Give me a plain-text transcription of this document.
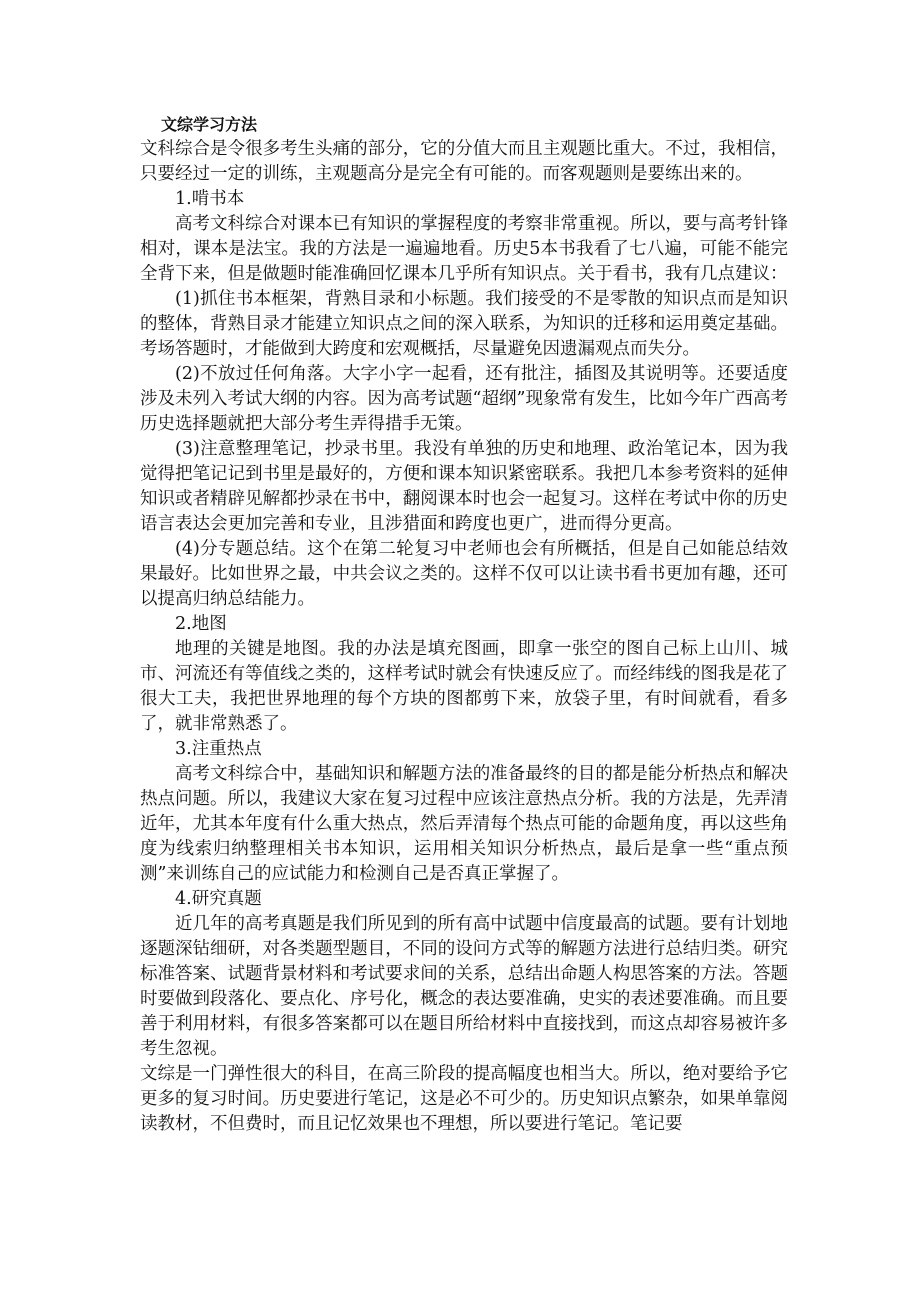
文综学习方法

文科综合是令很多考生头痛的部分，它的分值大而且主观题比重大。不过，我相信，只要经过一定的训练，主观题高分是完全有可能的。而客观题则是要练出来的。

1.啃书本

高考文科综合对课本已有知识的掌握程度的考察非常重视。所以，要与高考针锋相对，课本是法宝。我的方法是一遍遍地看。历史5本书我看了七八遍，可能不能完全背下来，但是做题时能准确回忆课本几乎所有知识点。关于看书，我有几点建议：

(1)抓住书本框架，背熟目录和小标题。我们接受的不是零散的知识点而是知识的整体，背熟目录才能建立知识点之间的深入联系，为知识的迁移和运用奠定基础。考场答题时，才能做到大跨度和宏观概括，尽量避免因遗漏观点而失分。

(2)不放过任何角落。大字小字一起看，还有批注，插图及其说明等。还要适度涉及未列入考试大纲的内容。因为高考试题“超纲”现象常有发生，比如今年广西高考历史选择题就把大部分考生弄得措手无策。

(3)注意整理笔记，抄录书里。我没有单独的历史和地理、政治笔记本，因为我觉得把笔记记到书里是最好的，方便和课本知识紧密联系。我把几本参考资料的延伸知识或者精辟见解都抄录在书中，翻阅课本时也会一起复习。这样在考试中你的历史语言表达会更加完善和专业，且涉猎面和跨度也更广，进而得分更高。

(4)分专题总结。这个在第二轮复习中老师也会有所概括，但是自己如能总结效果最好。比如世界之最，中共会议之类的。这样不仅可以让读书看书更加有趣，还可以提高归纳总结能力。

2.地图

地理的关键是地图。我的办法是填充图画，即拿一张空的图自己标上山川、城市、河流还有等值线之类的，这样考试时就会有快速反应了。而经纬线的图我是花了很大工夫，我把世界地理的每个方块的图都剪下来，放袋子里，有时间就看，看多了，就非常熟悉了。

3.注重热点

高考文科综合中，基础知识和解题方法的准备最终的目的都是能分析热点和解决热点问题。所以，我建议大家在复习过程中应该注意热点分析。我的方法是，先弄清近年，尤其本年度有什么重大热点，然后弄清每个热点可能的命题角度，再以这些角度为线索归纳整理相关书本知识，运用相关知识分析热点，最后是拿一些“重点预测”来训练自己的应试能力和检测自己是否真正掌握了。

4.研究真题

近几年的高考真题是我们所见到的所有高中试题中信度最高的试题。要有计划地逐题深钻细研，对各类题型题目，不同的设问方式等的解题方法进行总结归类。研究标准答案、试题背景材料和考试要求间的关系，总结出命题人构思答案的方法。答题时要做到段落化、要点化、序号化，概念的表达要准确，史实的表述要准确。而且要善于利用材料，有很多答案都可以在题目所给材料中直接找到，而这点却容易被许多考生忽视。

文综是一门弹性很大的科目，在高三阶段的提高幅度也相当大。所以，绝对要给予它更多的复习时间。历史要进行笔记，这是必不可少的。历史知识点繁杂，如果单靠阅读教材，不但费时，而且记忆效果也不理想，所以要进行笔记。笔记要
